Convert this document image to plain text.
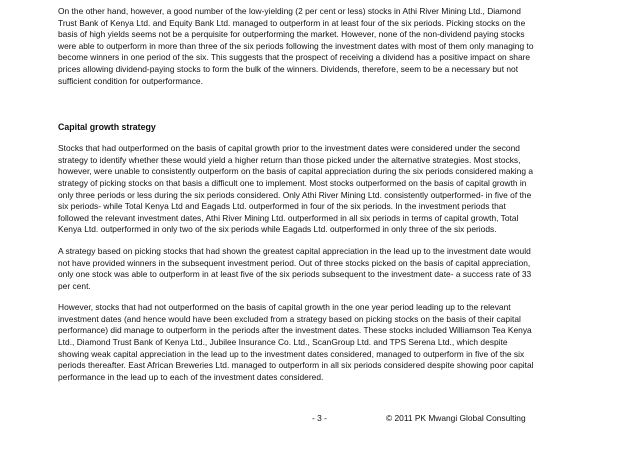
On the other hand, however, a good number of the low-yielding (2 per cent or less) stocks in Athi River Mining Ltd., Diamond
Trust Bank of Kenya Ltd. and Equity Bank Ltd. managed to outperform in at least four of the six periods. Picking stocks on the
basis of high yields seems not be a perquisite for outperforming the market. However, none of the non-dividend paying stocks
were able to outperform in more than three of the six periods following the investment dates with most of them only managing to
become winners in one period of the six. This suggests that the prospect of receiving a dividend has a positive impact on share
prices allowing dividend-paying stocks to form the bulk of the winners. Dividends, therefore, seem to be a necessary but not
sufficient condition for outperformance.

Capital growth strategy

Stocks that had outperformed on the basis of capital growth prior to the investment dates were considered under the second
strategy to identify whether these would yield a higher return than those picked under the alternative strategies. Most stocks,
however, were unable to consistently outperform on the basis of capital appreciation during the six periods considered making a
strategy of picking stocks on that basis a difficult one to implement. Most stocks outperformed on the basis of capital growth in
only three periods or less during the six periods considered. Only Athi River Mining Ltd. consistently outperformed- in five of the
six periods- while Total Kenya Ltd and Eagads Ltd. outperformed in four of the six periods. In the investment periods that
followed the relevant investment dates, Athi River Mining Ltd. outperformed in all six periods in terms of capital growth, Total
Kenya Ltd. outperformed in only two of the six periods while Eagads Ltd. outperformed in only three of the six periods.

A strategy based on picking stocks that had shown the greatest capital appreciation in the lead up to the investment date would
not have provided winners in the subsequent investment period. Out of three stocks picked on the basis of capital appreciation,
only one stock was able to outperform in at least five of the six periods subsequent to the investment date- a success rate of 33
per cent.

However, stocks that had not outperformed on the basis of capital growth in the one year period leading up to the relevant
investment dates (and hence would have been excluded from a strategy based on picking stocks on the basis of their capital
performance) did manage to outperform in the periods after the investment dates. These stocks included Williamson Tea Kenya
Ltd., Diamond Trust Bank of Kenya Ltd., Jubilee Insurance Co. Ltd., ScanGroup Ltd. and TPS Serena Ltd., which despite
showing weak capital appreciation in the lead up to the investment dates considered, managed to outperform in five of the six
periods thereafter. East African Breweries Ltd. managed to outperform in all six periods considered despite showing poor capital
performance in the lead up to each of the investment dates considered.

- 3 -	© 2011 PK Mwangi Global Consulting
